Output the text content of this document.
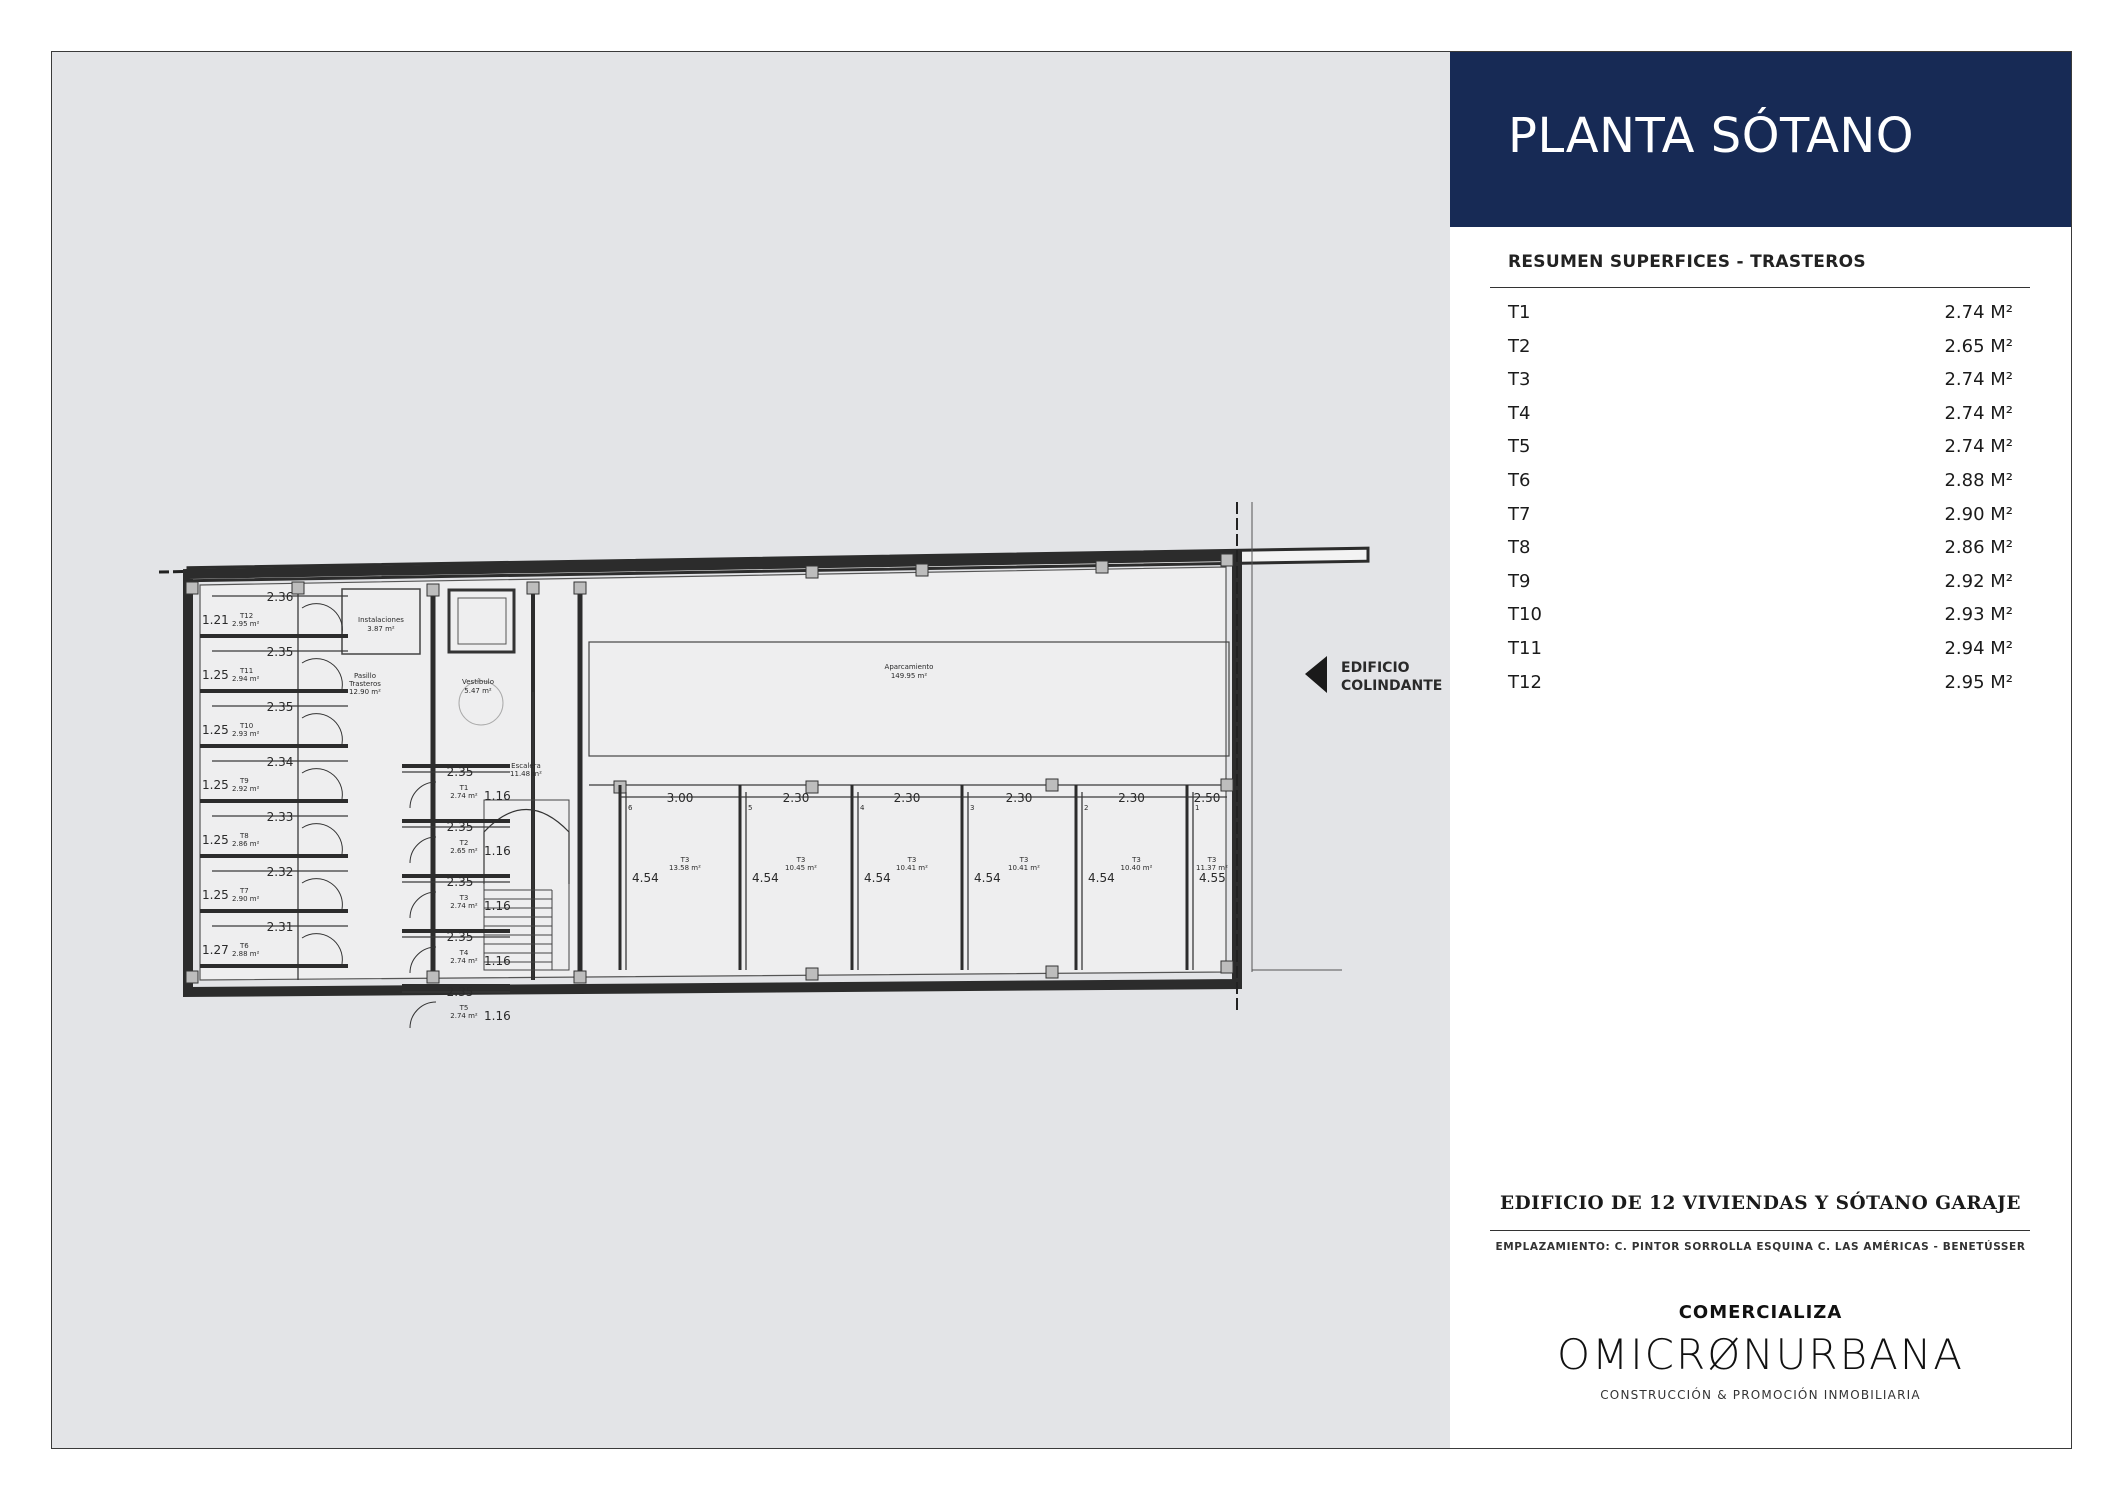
2.36
1.21 T12
2.95 m²
2.35
1.25 T11
2.94 m²
2.35
1.25 T10
2.93 m²
2.34
1.25 T9
2.92 m²
2.33
1.25 T8
2.86 m²
2.32
1.25 T7
2.90 m²
2.31
1.27 T6
2.88 m²
2.35
1.16
T1
2.74 m²
2.35
1.16
T2
2.65 m²
2.35
1.16
T3
2.74 m²
2.35
1.16
T4
2.74 m²
2.35
1.16
T5
2.74 m²
3.00
6
4.54
T3
13.58 m²
2.30
5
4.54
T3
10.45 m²
2.30
4
4.54
T3
10.41 m²
2.30
3
4.54
T3
10.41 m²
2.30
2
4.54
T3
10.40 m²
2.50
1
4.55
T3
11.37 m²
Instalaciones
3.87 m²
Pasillo
Trasteros
12.90 m²
Vestíbulo
5.47 m²
Escalera
11.48 m²
Aparcamiento
149.95 m²	EDIFICIO
COLINDANTE
PLANTA SÓTANO
RESUMEN SUPERFICES - TRASTEROS
T1	2.74 M²
T2	2.65 M²
T3	2.74 M²
T4	2.74 M²
T5	2.74 M²
T6	2.88 M²
T7	2.90 M²
T8	2.86 M²
T9	2.92 M²
T10	2.93 M²
T11	2.94 M²
T12	2.95 M²
EDIFICIO DE 12 VIVIENDAS Y SÓTANO GARAJE
EMPLAZAMIENTO: C. PINTOR SORROLLA ESQUINA C. LAS AMÉRICAS - BENETÚSSER
COMERCIALIZA
OMICRØNURBANA
CONSTRUCCIÓN & PROMOCIÓN INMOBILIARIA
